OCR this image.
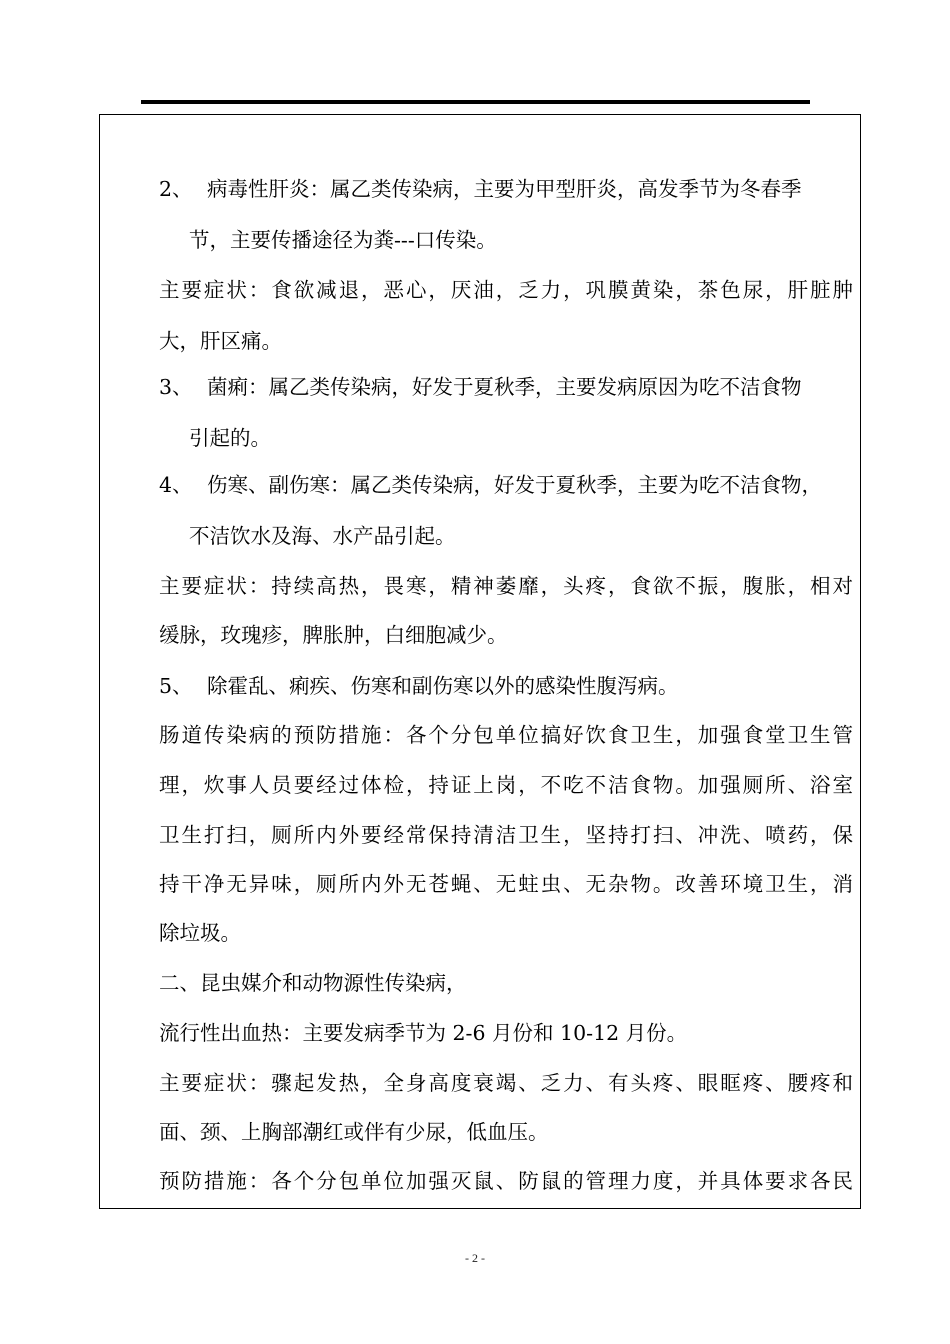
2、 病毒性肝炎：属乙类传染病，主要为甲型肝炎，高发季节为冬春季
节，主要传播途径为粪---口传染。
主要症状：食欲减退，恶心，厌油，乏力，巩膜黄染，茶色尿，肝脏肿
大，肝区痛。
3、 菌痢：属乙类传染病，好发于夏秋季，主要发病原因为吃不洁食物
引起的。
4、 伤寒、副伤寒：属乙类传染病，好发于夏秋季，主要为吃不洁食物，
不洁饮水及海、水产品引起。
主要症状：持续高热，畏寒，精神萎靡，头疼，食欲不振，腹胀，相对
缓脉，玫瑰疹，脾胀肿，白细胞减少。
5、 除霍乱、痢疾、伤寒和副伤寒以外的感染性腹泻病。
肠道传染病的预防措施：各个分包单位搞好饮食卫生，加强食堂卫生管
理，炊事人员要经过体检，持证上岗，不吃不洁食物。加强厕所、浴室
卫生打扫，厕所内外要经常保持清洁卫生，坚持打扫、冲洗、喷药，保
持干净无异味，厕所内外无苍蝇、无蛀虫、无杂物。改善环境卫生，消
除垃圾。
二、昆虫媒介和动物源性传染病，
流行性出血热：主要发病季节为 2-6 月份和 10-12 月份。
主要症状：骤起发热，全身高度衰竭、乏力、有头疼、眼眶疼、腰疼和
面、颈、上胸部潮红或伴有少尿，低血压。
预防措施：各个分包单位加强灭鼠、防鼠的管理力度，并具体要求各民
- 2 -
